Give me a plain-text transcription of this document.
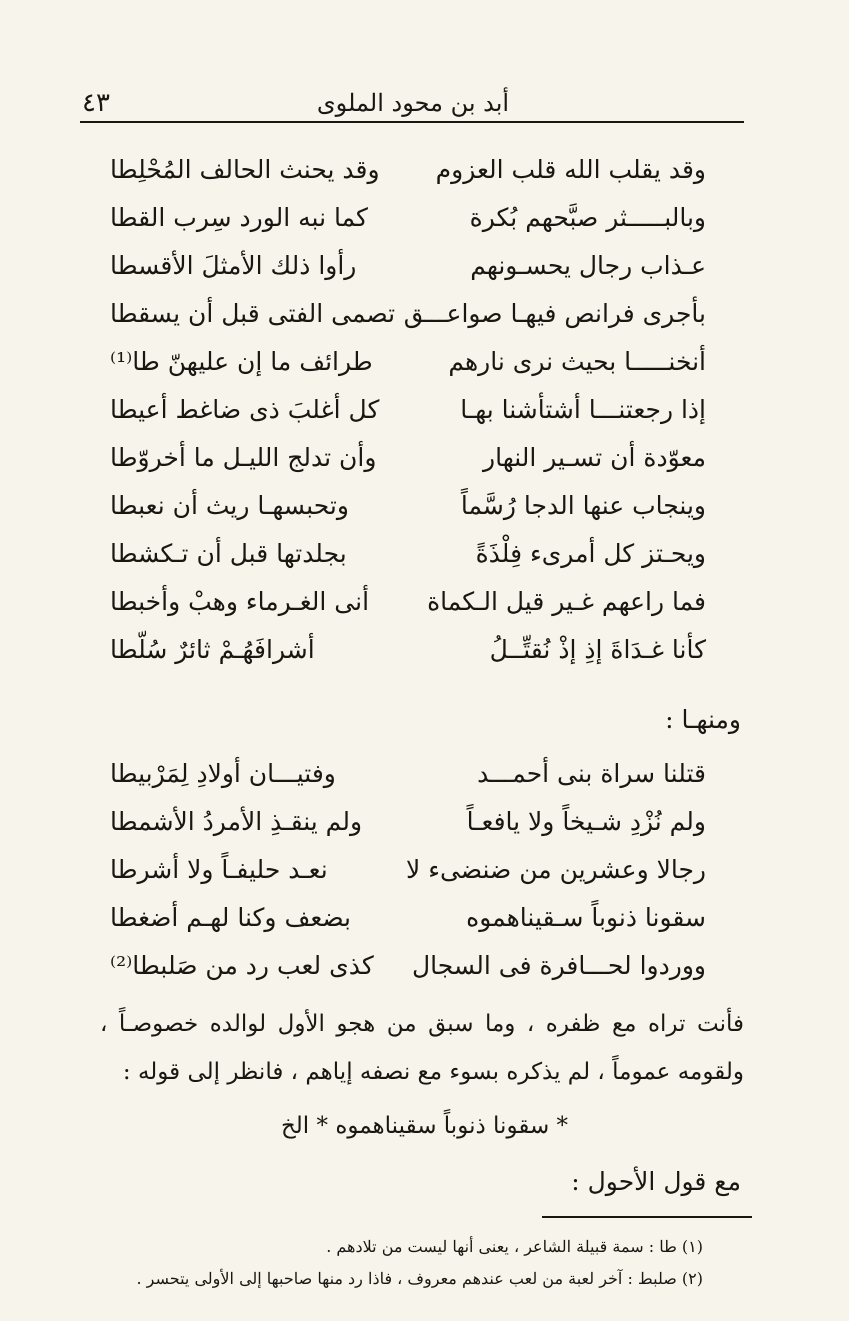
أبد بن محود الملوى
٤٣
وقد يقلب الله قلب العزوم
وقد يحنث الحالف المُحْلِطا
وبالبـــــثر صبَّحهم بُكرة
كما نبه الورد سِرب القطا
عـذاب رجال يحسـونهم
رأوا ذلك الأمثلَ الأقسطا
بأجرى فرانص فيهـا صواعـــق
تصمى الفتى قبل أن يسقطا
أنخنـــــا بحيث نرى نارهم
طرائف ما إن عليهنّ طا⁽¹⁾
إذا رجعتنـــا أشتأشنا بهـا
كل أغلبَ ذى ضاغط أعيطا
معوّدة أن تسـير النهار
وأن تدلج الليـل ما أخروّطا
وينجاب عنها الدجا رُسَّماً
وتحبسهـا ريث أن نعبطا
ويحـتز كل أمرىء فِلْذَةً
بجلدتها قبل أن تـكشطا
فما راعهم غـير قيل الـكماة
أنى الغـرماء وهبْ وأخبطا
كأنا غـدَاةَ إذِ إذْ نُقتِّــلُ
أشرافَهُـمْ ثائرٌ سُلّطا
ومنهـا :
قتلنا سراة بنى أحمـــد
وفتيـــان أولادِ لِمَرْبيطا
ولم نُزْدِ شـيخاً ولا يافعـاً
ولم ينقـذِ الأمردُ الأشمطا
رجالا وعشرين من ضنضىء لا
نعـد حليفـاً ولا أشرطا
سقونا ذنوباً سـقيناهموه
بضعف وكنا لهـم أضغطا
ووردوا لحـــافرة فى السجال
كذى لعب رد من صَلبطا⁽²⁾
فأنت تراه مع ظفره ، وما سبق من هجو الأول لوالده خصوصـاً ، ولقومه عموماً ، لم يذكره بسوء مع نصفه إياهم ، فانظر إلى قوله :
* سقونا ذنوباً سقيناهموه * الخ
مع قول الأحول :
(١) طا : سمة قبيلة الشاعر ، يعنى أنها ليست من تلادهم .
(٢) صلبط : آخر لعبة من لعب عندهم معروف ، فاذا رد منها صاحبها إلى الأولى يتحسر .
